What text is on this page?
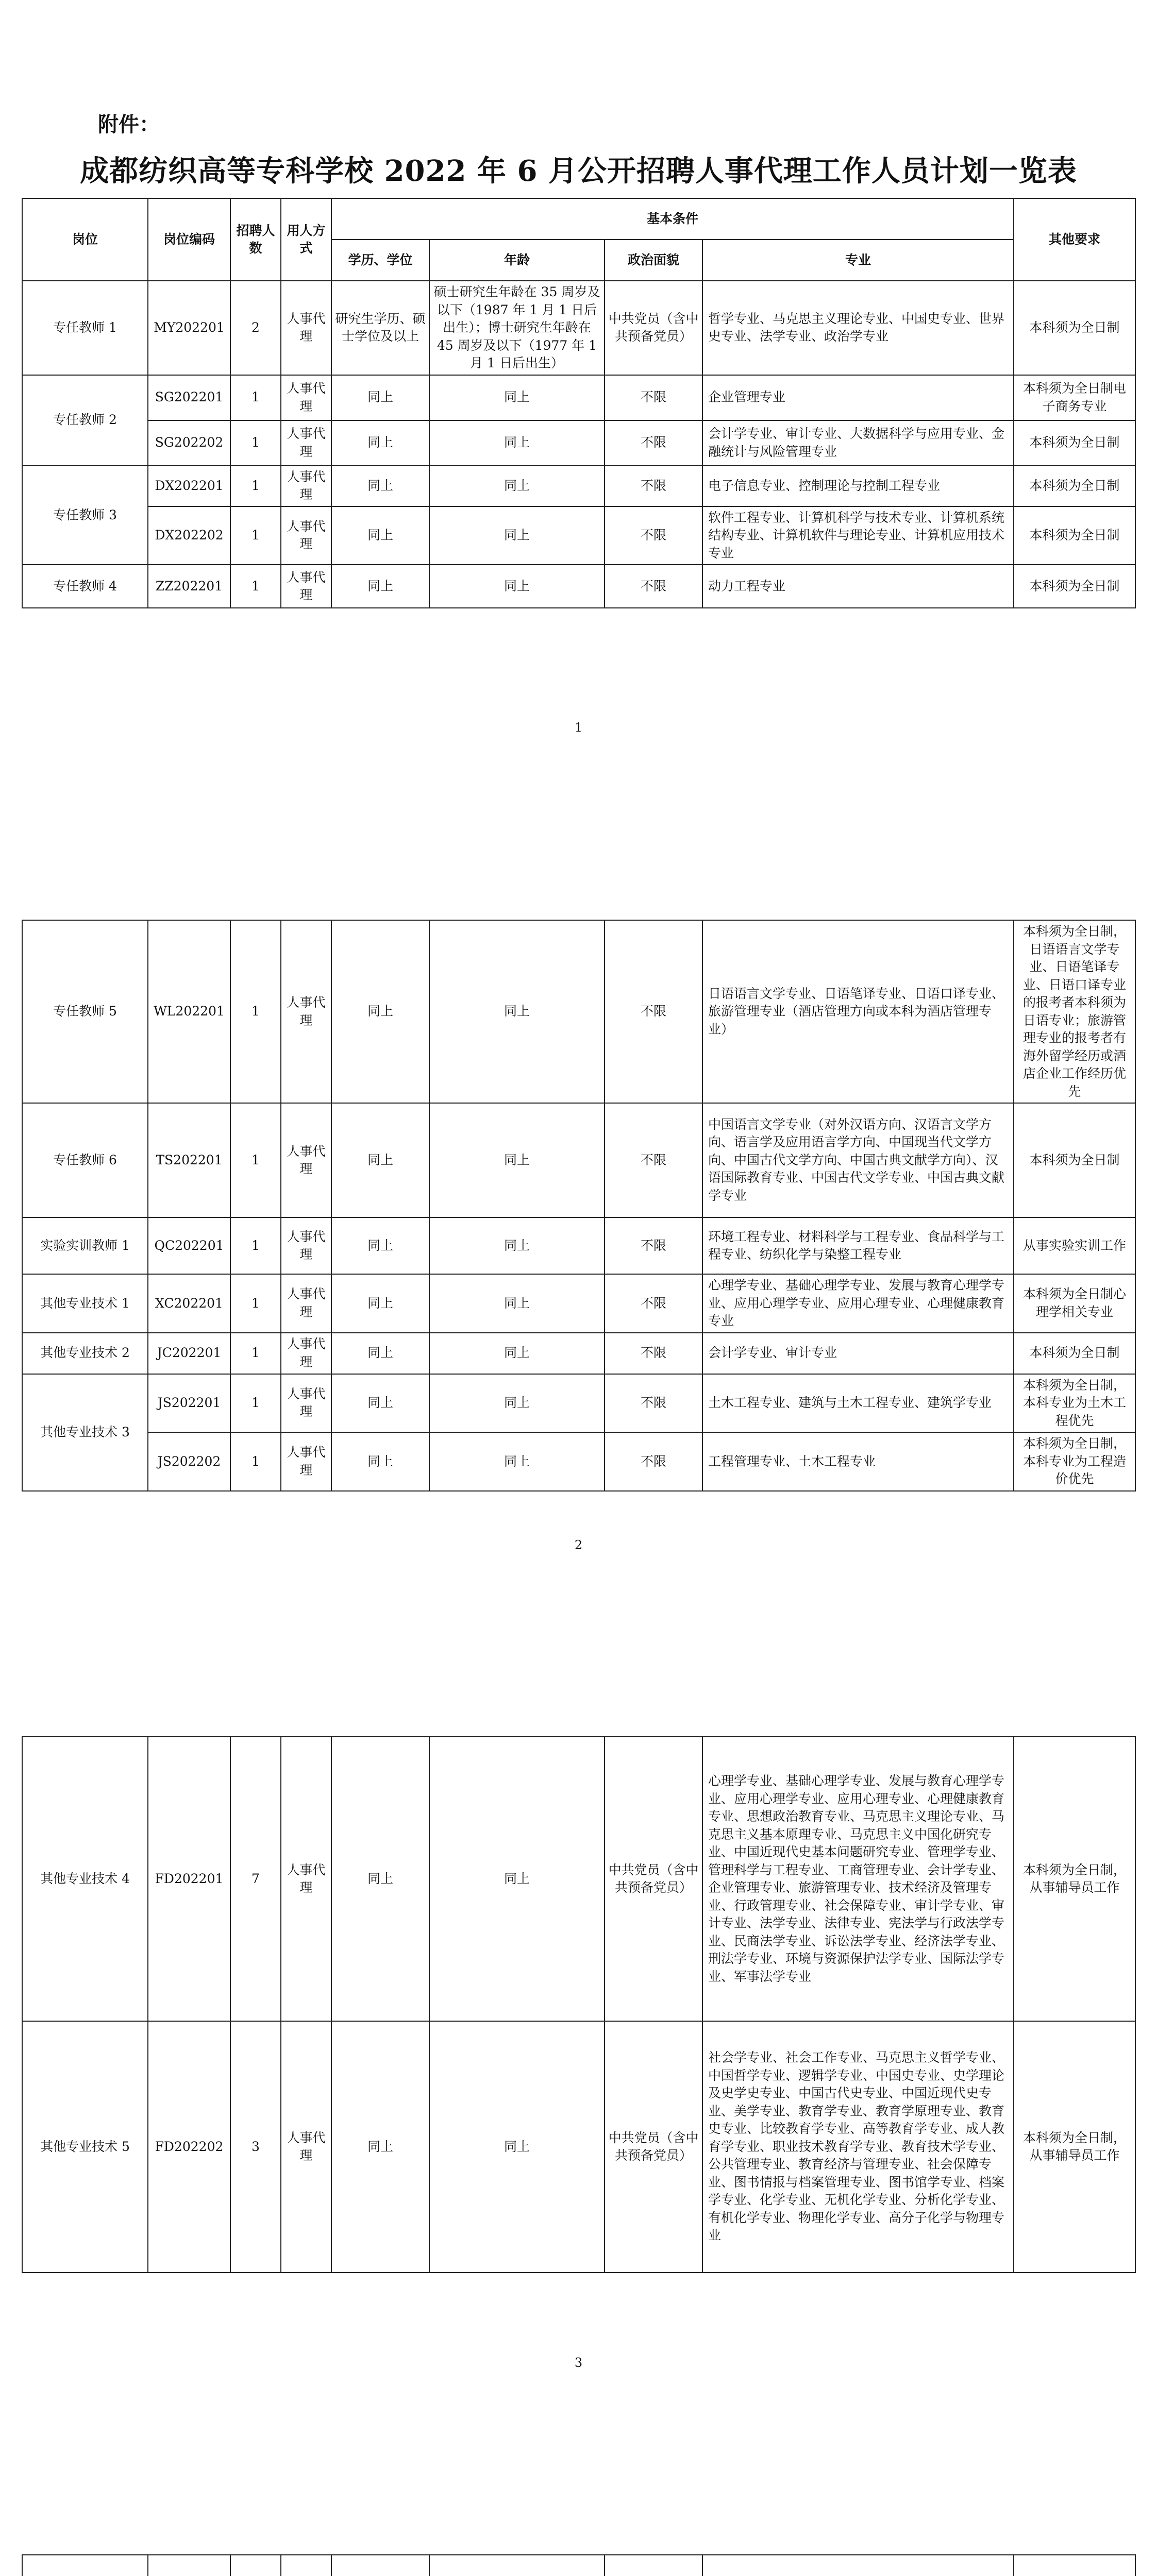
附件：
成都纺织高等专科学校 2022 年 6 月公开招聘人事代理工作人员计划一览表
岗位	岗位编码	招聘人数	用人方式	基本条件				其他要求
				学历、学位	年龄	政治面貌	专业	
专任教师 1	MY202201	2	人事代理	研究生学历、硕士学位及以上	硕士研究生年龄在 35 周岁及以下（1987 年 1 月 1 日后出生）；博士研究生年龄在 45 周岁及以下（1977 年 1 月 1 日后出生）	中共党员（含中共预备党员）	哲学专业、马克思主义理论专业、中国史专业、世界史专业、法学专业、政治学专业	本科须为全日制
专任教师 2	SG202201	1	人事代理	同上	同上	不限	企业管理专业	本科须为全日制电子商务专业
	SG202202	1	人事代理	同上	同上	不限	会计学专业、审计专业、大数据科学与应用专业、金融统计与风险管理专业	本科须为全日制
专任教师 3	DX202201	1	人事代理	同上	同上	不限	电子信息专业、控制理论与控制工程专业	本科须为全日制
	DX202202	1	人事代理	同上	同上	不限	软件工程专业、计算机科学与技术专业、计算机系统结构专业、计算机软件与理论专业、计算机应用技术专业	本科须为全日制
专任教师 4	ZZ202201	1	人事代理	同上	同上	不限	动力工程专业	本科须为全日制
1
专任教师 5	WL202201	1	人事代理	同上	同上	不限	日语语言文学专业、日语笔译专业、日语口译专业、旅游管理专业（酒店管理方向或本科为酒店管理专业）	本科须为全日制，日语语言文学专业、日语笔译专业、日语口译专业的报考者本科须为日语专业；旅游管理专业的报考者有海外留学经历或酒店企业工作经历优先
专任教师 6	TS202201	1	人事代理	同上	同上	不限	中国语言文学专业（对外汉语方向、汉语言文学方向、语言学及应用语言学方向、中国现当代文学方向、中国古代文学方向、中国古典文献学方向）、汉语国际教育专业、中国古代文学专业、中国古典文献学专业	本科须为全日制
实验实训教师 1	QC202201	1	人事代理	同上	同上	不限	环境工程专业、材料科学与工程专业、食品科学与工程专业、纺织化学与染整工程专业	从事实验实训工作
其他专业技术 1	XC202201	1	人事代理	同上	同上	不限	心理学专业、基础心理学专业、发展与教育心理学专业、应用心理学专业、应用心理专业、心理健康教育专业	本科须为全日制心理学相关专业
其他专业技术 2	JC202201	1	人事代理	同上	同上	不限	会计学专业、审计专业	本科须为全日制
其他专业技术 3	JS202201	1	人事代理	同上	同上	不限	土木工程专业、建筑与土木工程专业、建筑学专业	本科须为全日制，本科专业为土木工程优先
	JS202202	1	人事代理	同上	同上	不限	工程管理专业、土木工程专业	本科须为全日制，本科专业为工程造价优先
2
其他专业技术 4	FD202201	7	人事代理	同上	同上	中共党员（含中共预备党员）	心理学专业、基础心理学专业、发展与教育心理学专业、应用心理学专业、应用心理专业、心理健康教育专业、思想政治教育专业、马克思主义理论专业、马克思主义基本原理专业、马克思主义中国化研究专业、中国近现代史基本问题研究专业、管理学专业、管理科学与工程专业、工商管理专业、会计学专业、企业管理专业、旅游管理专业、技术经济及管理专业、行政管理专业、社会保障专业、审计学专业、审计专业、法学专业、法律专业、宪法学与行政法学专业、民商法学专业、诉讼法学专业、经济法学专业、刑法学专业、环境与资源保护法学专业、国际法学专业、军事法学专业	本科须为全日制，从事辅导员工作
其他专业技术 5	FD202202	3	人事代理	同上	同上	中共党员（含中共预备党员）	社会学专业、社会工作专业、马克思主义哲学专业、中国哲学专业、逻辑学专业、中国史专业、史学理论及史学史专业、中国古代史专业、中国近现代史专业、美学专业、教育学专业、教育学原理专业、教育史专业、比较教育学专业、高等教育学专业、成人教育学专业、职业技术教育学专业、教育技术学专业、公共管理专业、教育经济与管理专业、社会保障专业、图书情报与档案管理专业、图书馆学专业、档案学专业、化学专业、无机化学专业、分析化学专业、有机化学专业、物理化学专业、高分子化学与物理专业	本科须为全日制，从事辅导员工作
3
